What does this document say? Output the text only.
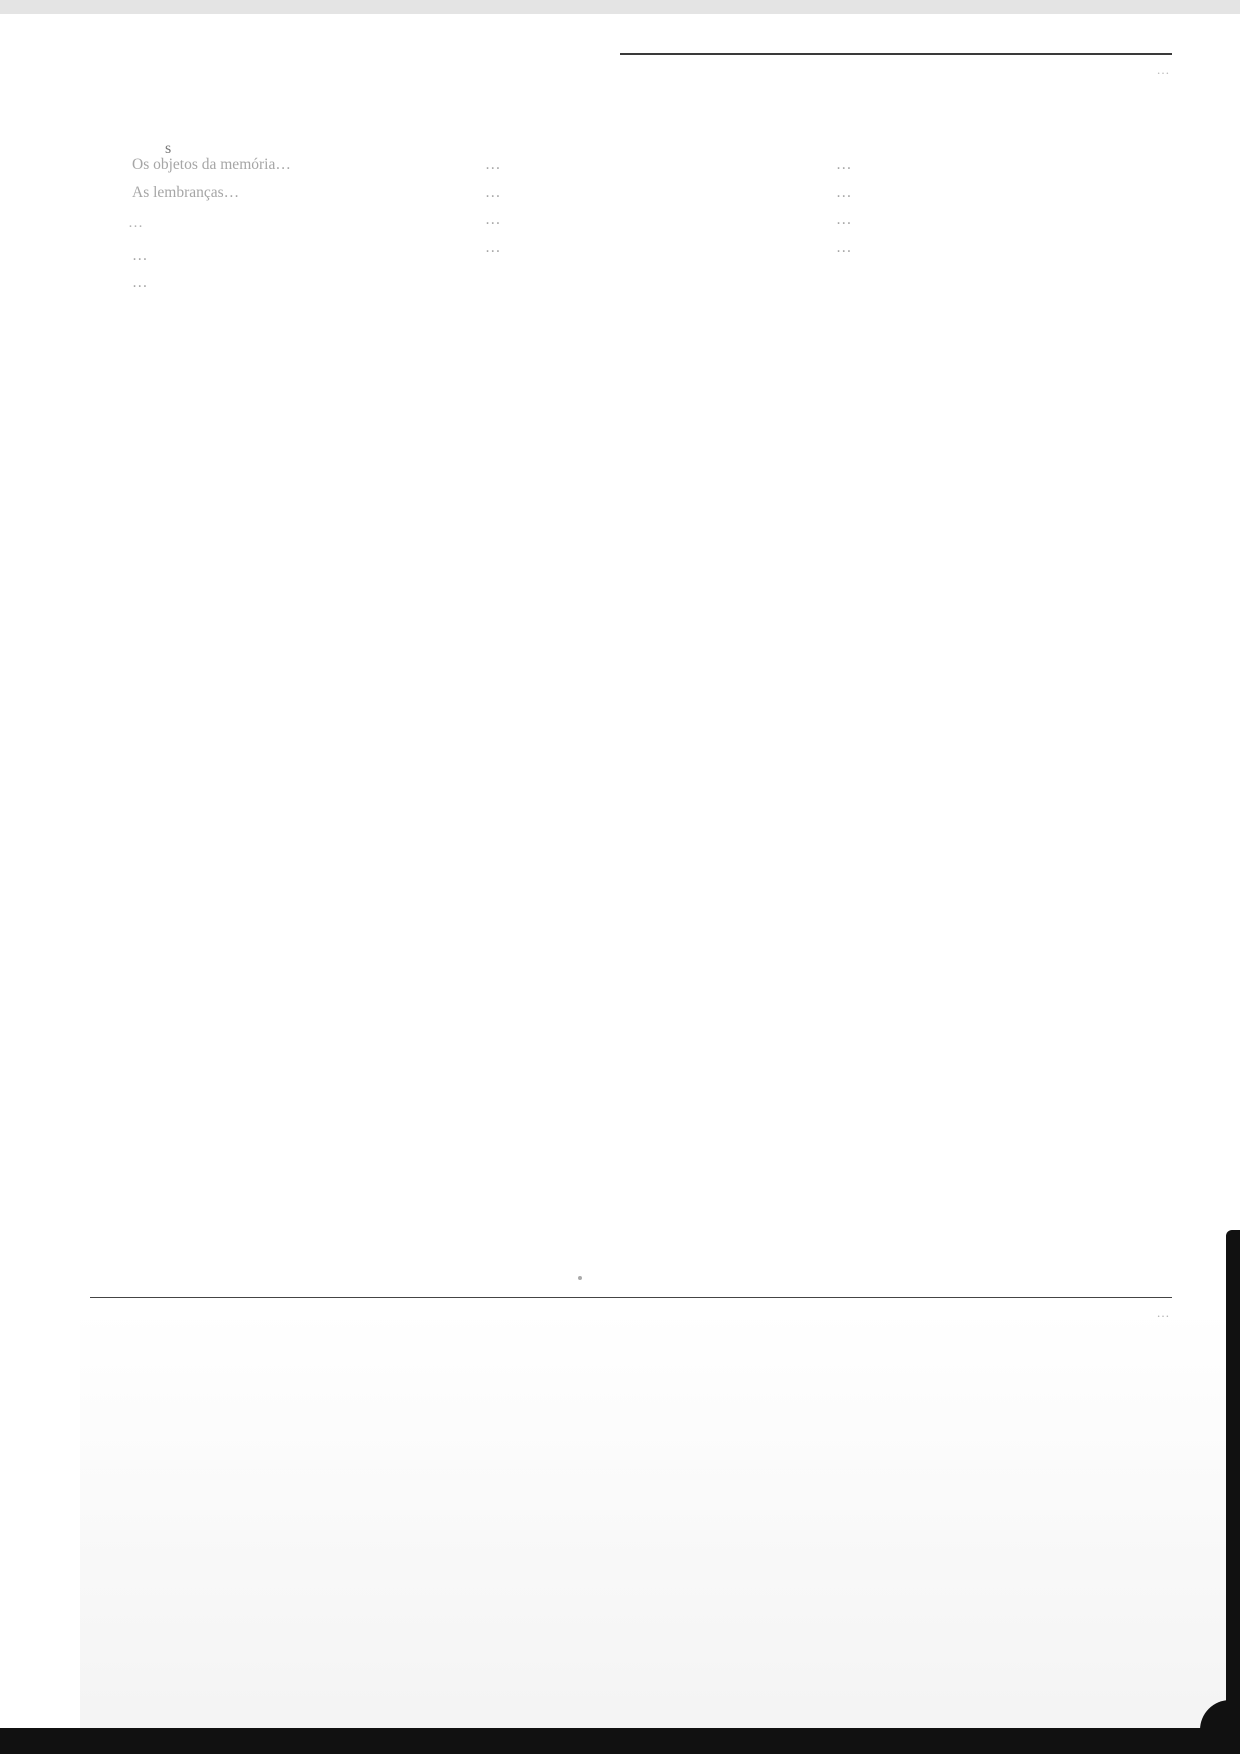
…
s

Os objetos da memória…

As lembranças…

…

…

…

…

…

…

…

…

…

…

…

…
